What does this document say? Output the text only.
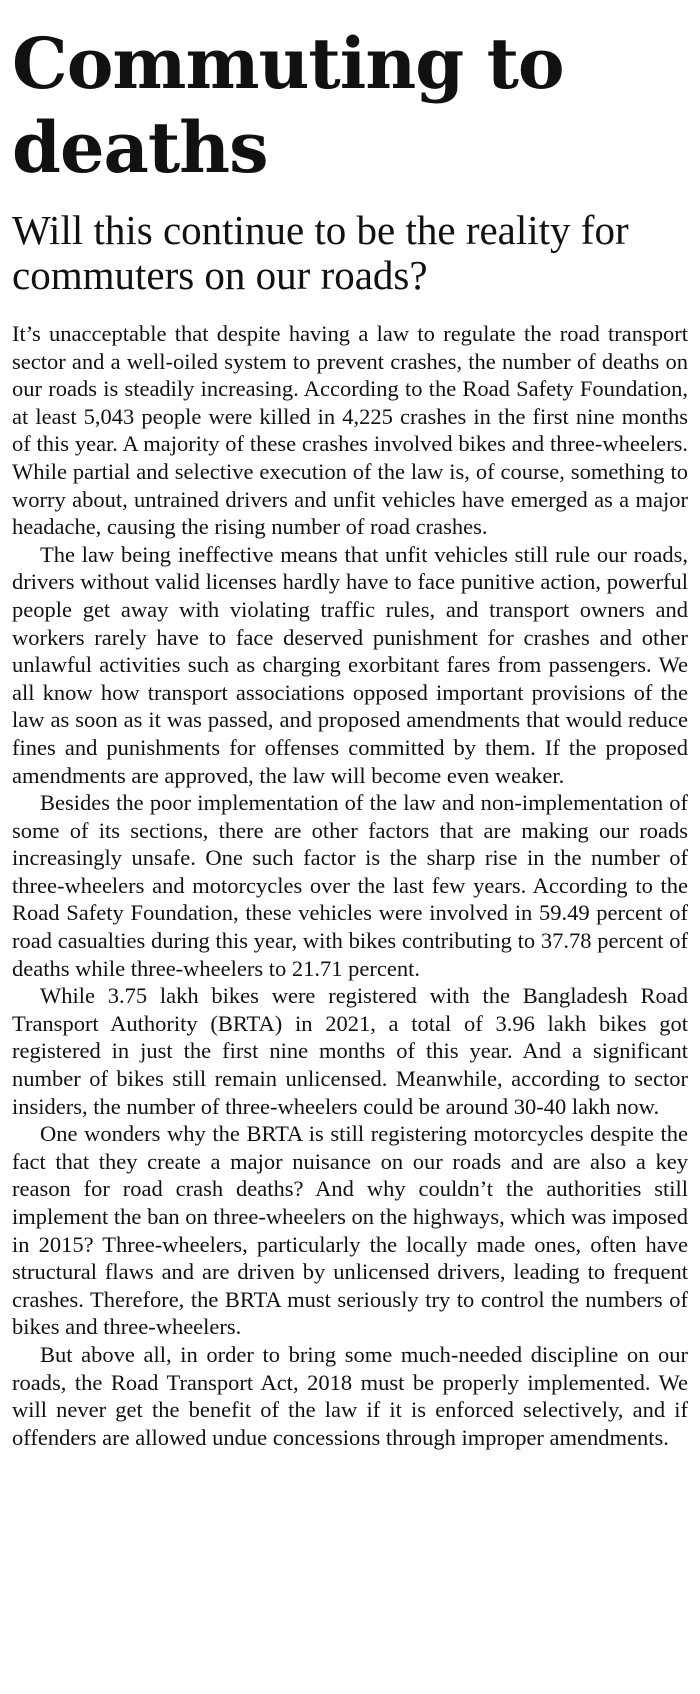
Commuting to deaths
Will this continue to be the reality for commuters on our roads?

It’s unacceptable that despite having a law to regulate the road transport sector and a well-oiled system to prevent crashes, the number of deaths on our roads is steadily increasing. According to the Road Safety Foundation, at least 5,043 people were killed in 4,225 crashes in the first nine months of this year. A majority of these crashes involved bikes and three-wheelers. While partial and selective execution of the law is, of course, something to worry about, untrained drivers and unfit vehicles have emerged as a major headache, causing the rising number of road crashes.

The law being ineffective means that unfit vehicles still rule our roads, drivers without valid licenses hardly have to face punitive action, powerful people get away with violating traffic rules, and transport owners and workers rarely have to face deserved punishment for crashes and other unlawful activities such as charging exorbitant fares from passengers. We all know how transport associations opposed important provisions of the law as soon as it was passed, and proposed amendments that would reduce fines and punishments for offenses committed by them. If the proposed amendments are approved, the law will become even weaker.

Besides the poor implementation of the law and non-implementation of some of its sections, there are other factors that are making our roads increasingly unsafe. One such factor is the sharp rise in the number of three-wheelers and motorcycles over the last few years. According to the Road Safety Foundation, these vehicles were involved in 59.49 percent of road casualties during this year, with bikes contributing to 37.78 percent of deaths while three-wheelers to 21.71 percent.

While 3.75 lakh bikes were registered with the Bangladesh Road Transport Authority (BRTA) in 2021, a total of 3.96 lakh bikes got registered in just the first nine months of this year. And a significant number of bikes still remain unlicensed. Meanwhile, according to sector insiders, the number of three-wheelers could be around 30-40 lakh now.

One wonders why the BRTA is still registering motorcycles despite the fact that they create a major nuisance on our roads and are also a key reason for road crash deaths? And why couldn’t the authorities still implement the ban on three-wheelers on the highways, which was imposed in 2015? Three-wheelers, particularly the locally made ones, often have structural flaws and are driven by unlicensed drivers, leading to frequent crashes. Therefore, the BRTA must seriously try to control the numbers of bikes and three-wheelers.

But above all, in order to bring some much-needed discipline on our roads, the Road Transport Act, 2018 must be properly implemented. We will never get the benefit of the law if it is enforced selectively, and if offenders are allowed undue concessions through improper amendments.
